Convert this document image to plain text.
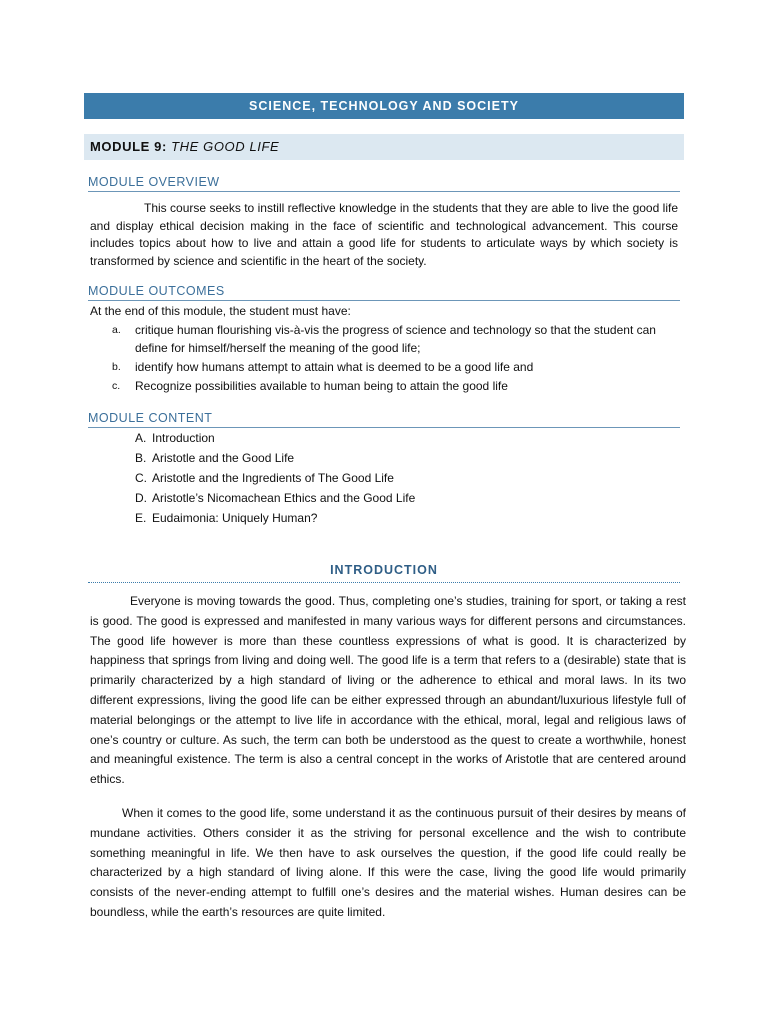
SCIENCE, TECHNOLOGY AND SOCIETY
MODULE 9: THE GOOD LIFE
MODULE OVERVIEW

This course seeks to instill reflective knowledge in the students that they are able to live the good life and display ethical decision making in the face of scientific and technological advancement. This course includes topics about how to live and attain a good life for students to articulate ways by which society is transformed by science and scientific in the heart of the society.

MODULE OUTCOMES
At the end of this module, the student must have:
a. critique human flourishing vis-à-vis the progress of science and technology so that the student can define for himself/herself the meaning of the good life;
b. identify how humans attempt to attain what is deemed to be a good life and
c. Recognize possibilities available to human being to attain the good life
MODULE CONTENT
A. Introduction
B. Aristotle and the Good Life
C. Aristotle and the Ingredients of The Good Life
D. Aristotle’s Nicomachean Ethics and the Good Life
E. Eudaimonia: Uniquely Human?
INTRODUCTION

Everyone is moving towards the good. Thus, completing one’s studies, training for sport, or taking a rest is good. The good is expressed and manifested in many various ways for different persons and circumstances. The good life however is more than these countless expressions of what is good. It is characterized by happiness that springs from living and doing well. The good life is a term that refers to a (desirable) state that is primarily characterized by a high standard of living or the adherence to ethical and moral laws. In its two different expressions, living the good life can be either expressed through an abundant/luxurious lifestyle full of material belongings or the attempt to live life in accordance with the ethical, moral, legal and religious laws of one’s country or culture. As such, the term can both be understood as the quest to create a worthwhile, honest and meaningful existence. The term is also a central concept in the works of Aristotle that are centered around ethics.

When it comes to the good life, some understand it as the continuous pursuit of their desires by means of mundane activities. Others consider it as the striving for personal excellence and the wish to contribute something meaningful in life. We then have to ask ourselves the question, if the good life could really be characterized by a high standard of living alone. If this were the case, living the good life would primarily consists of the never-ending attempt to fulfill one’s desires and the material wishes. Human desires can be boundless, while the earth’s resources are quite limited.
